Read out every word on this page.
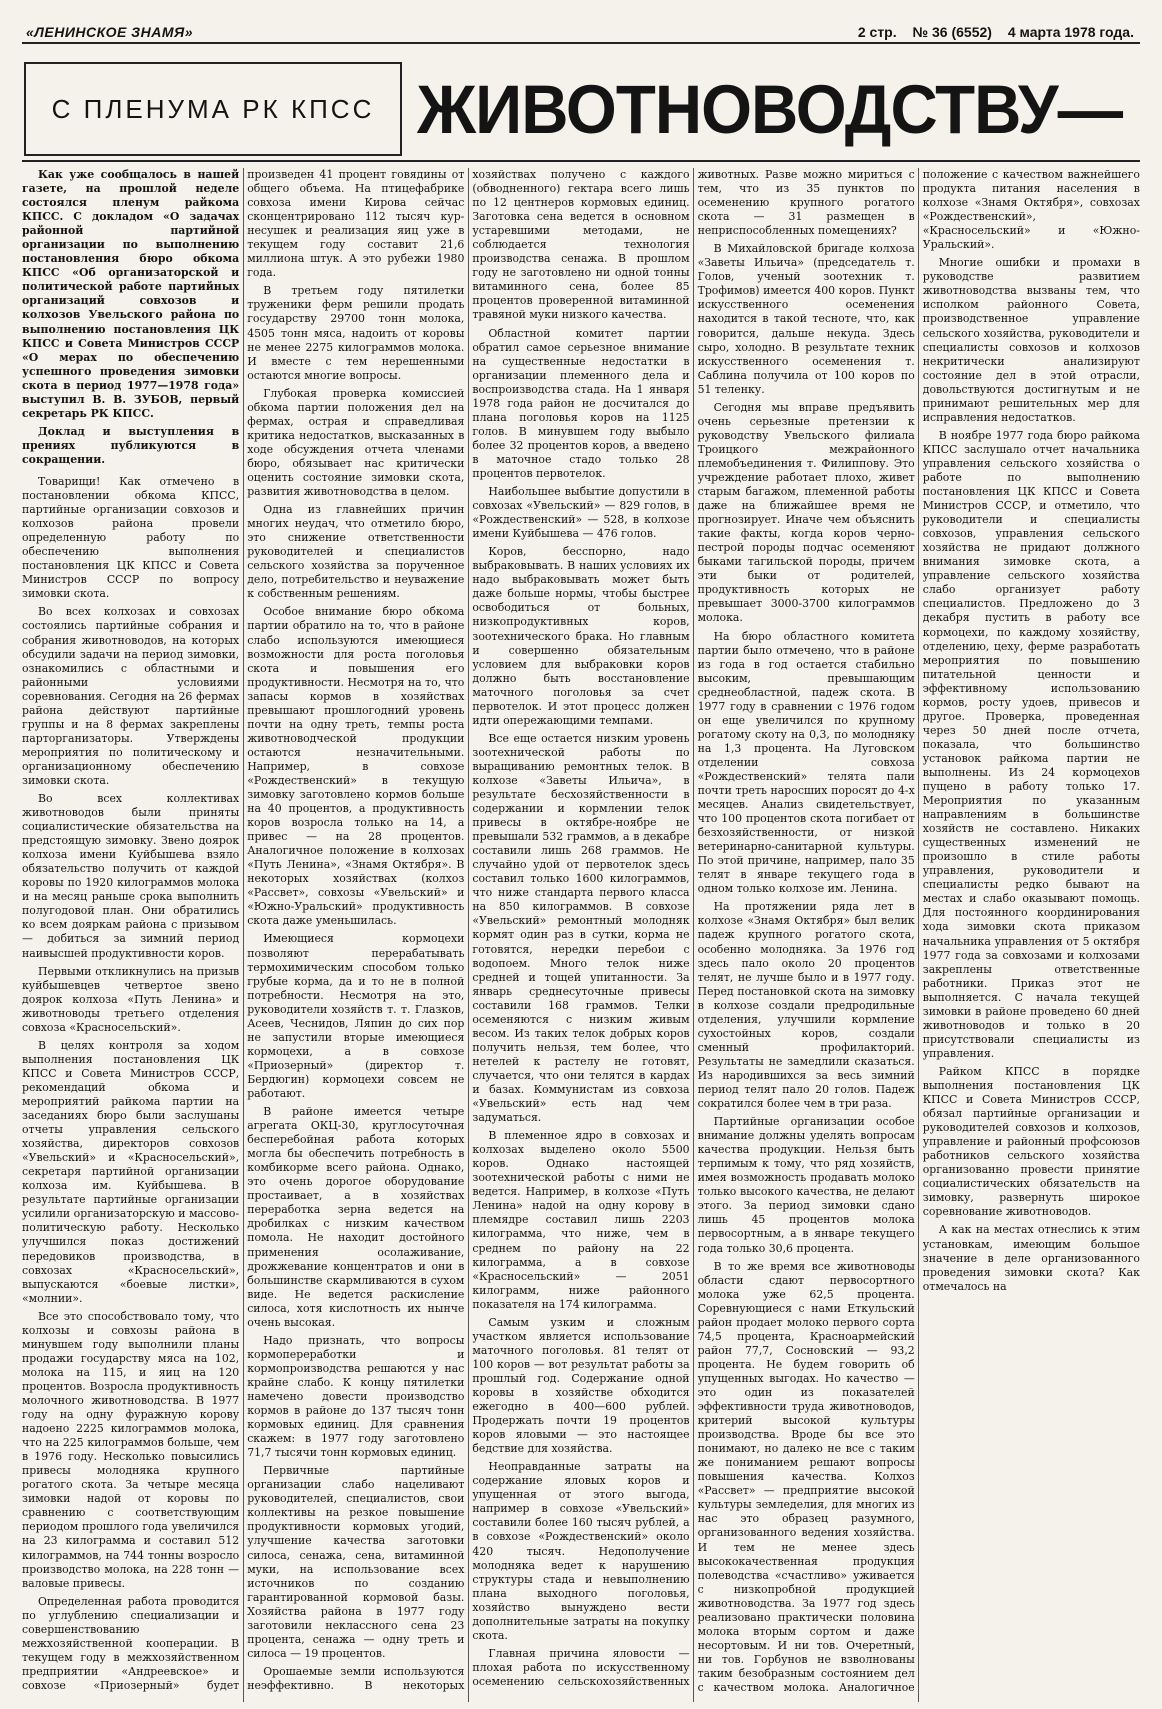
«ЛЕНИНСКОЕ ЗНАМЯ»	2 стр. № 36 (6552) 4 марта 1978 года.
С ПЛЕНУМА РК КПСС ЖИВОТНОВОДСТВУ—

Как уже сообщалось в нашей газете, на прошлой неделе состоялся пленум райкома КПСС. С докладом «О задачах районной партийной организации по выполнению постановления бюро обкома КПСС «Об организаторской и политической работе партийных организаций совхозов и колхозов Увельского района по выполнению постановления ЦК КПСС и Совета Министров СССР «О мерах по обеспечению успешного проведения зимовки скота в период 1977—1978 года» выступил В. В. ЗУБОВ, первый секретарь РК КПСС.

Доклад и выступления в прениях публикуются в сокращении.

Товарищи! Как отмечено в постановлении обкома КПСС, партийные организации совхозов и колхозов района провели определенную работу по обеспечению выполнения постановления ЦК КПСС и Совета Министров СССР по вопросу зимовки скота.

Во всех колхозах и совхозах состоялись партийные собрания и собрания животноводов, на которых обсудили задачи на период зимовки, ознакомились с областными и районными условиями соревнования. Сегодня на 26 фермах района действуют партийные группы и на 8 фермах закреплены парторганизаторы. Утверждены мероприятия по политическому и организационному обеспечению зимовки скота.

Во всех коллективах животноводов были приняты социалистические обязательства на предстоящую зимовку. Звено доярок колхоза имени Куйбышева взяло обязательство получить от каждой коровы по 1920 килограммов молока и на месяц раньше срока выполнить полугодовой план. Они обратились ко всем дояркам района с призывом — добиться за зимний период наивысшей продуктивности коров.

Первыми откликнулись на призыв куйбышевцев четвертое звено доярок колхоза «Путь Ленина» и животноводы третьего отделения совхоза «Красносельский».

В целях контроля за ходом выполнения постановления ЦК КПСС и Совета Министров СССР, рекомендаций обкома и мероприятий райкома партии на заседаниях бюро были заслушаны отчеты управления сельского хозяйства, директоров совхозов «Увельский» и «Красносельский», секретаря партийной организации колхоза им. Куйбышева. В результате партийные организации усилили организаторскую и массово-политическую работу. Несколько улучшился показ достижений передовиков производства, в совхозах «Красносельский», выпускаются «боевые листки», «молнии».

Все это способствовало тому, что колхозы и совхозы района в минувшем году выполнили планы продажи государству мяса на 102, молока на 115, и яиц на 120 процентов. Возросла продуктивность молочного животноводства. В 1977 году на одну фуражную корову надоено 2225 килограммов молока, что на 225 килограммов больше, чем в 1976 году. Несколько повысились привесы молодняка крупного рогатого скота. За четыре месяца зимовки надой от коровы по сравнению с соответствующим периодом прошлого года увеличился на 23 килограмма и составил 512 килограммов, на 744 тонны возросло производство молока, на 228 тонн — валовые привесы.

Определенная работа проводится по углублению специализации и совершенствованию межхозяйственной кооперации. В текущем году в межхозяйственном предприятии «Андреевское» и совхозе «Приозерный» будет произведен 41 процент говядины от общего объема. На птицефабрике совхоза имени Кирова сейчас сконцентрировано 112 тысяч кур-несушек и реализация яиц уже в текущем году составит 21,6 миллиона штук. А это рубежи 1980 года.

В третьем году пятилетки труженики ферм решили продать государству 29700 тонн молока, 4505 тонн мяса, надоить от коровы не менее 2275 килограммов молока. И вместе с тем нерешенными остаются многие вопросы.

Глубокая проверка комиссией обкома партии положения дел на фермах, острая и справедливая критика недостатков, высказанных в ходе обсуждения отчета членами бюро, обязывает нас критически оценить состояние зимовки скота, развития животноводства в целом.

Одна из главнейших причин многих неудач, что отметило бюро, это снижение ответственности руководителей и специалистов сельского хозяйства за порученное дело, потребительство и неуважение к собственным решениям.

Особое внимание бюро обкома партии обратило на то, что в районе слабо используются имеющиеся возможности для роста поголовья скота и повышения его продуктивности. Несмотря на то, что запасы кормов в хозяйствах превышают прошлогодний уровень почти на одну треть, темпы роста животноводческой продукции остаются незначительными. Например, в совхозе «Рождественский» в текущую зимовку заготовлено кормов больше на 40 процентов, а продуктивность коров возросла только на 14, а привес — на 28 процентов. Аналогичное положение в колхозах «Путь Ленина», «Знамя Октября». В некоторых хозяйствах (колхоз «Рассвет», совхозы «Увельский» и «Южно-Уральский» продуктивность скота даже уменьшилась.

Имеющиеся кормоцехи позволяют перерабатывать термохимическим способом только грубые корма, да и то не в полной потребности. Несмотря на это, руководители хозяйств т. т. Глазков, Асеев, Чеснидов, Ляпин до сих пор не запустили вторые имеющиеся кормоцехи, а в совхозе «Приозерный» (директор т. Бердюгин) кормоцехи совсем не работают.

В районе имеется четыре агрегата ОКЦ-30, круглосуточная бесперебойная работа которых могла бы обеспечить потребность в комбикорме всего района. Однако, это очень дорогое оборудование простаивает, а в хозяйствах переработка зерна ведется на дробилках с низким качеством помола. Не находит достойного применения осолаживание, дрожжевание концентратов и они в большинстве скармливаются в сухом виде. Не ведется раскисление силоса, хотя кислотность их нынче очень высокая.

Надо признать, что вопросы кормопереработки и кормопроизводства решаются у нас крайне слабо. К концу пятилетки намечено довести производство кормов в районе до 137 тысяч тонн кормовых единиц. Для сравнения скажем: в 1977 году заготовлено 71,7 тысячи тонн кормовых единиц.

Первичные партийные организации слабо нацеливают руководителей, специалистов, свои коллективы на резкое повышение продуктивности кормовых угодий, улучшение качества заготовки силоса, сенажа, сена, витаминной муки, на использование всех источников по созданию гарантированной кормовой базы. Хозяйства района в 1977 году заготовили неклассного сена 23 процента, сенажа — одну треть и силоса — 19 процентов.

Орошаемые земли используются неэффективно. В некоторых хозяйствах получено с каждого (обводненного) гектара всего лишь по 12 центнеров кормовых единиц. Заготовка сена ведется в основном устаревшими методами, не соблюдается технология производства сенажа. В прошлом году не заготовлено ни одной тонны витаминного сена, более 85 процентов проверенной витаминной травяной муки низкого качества.

Областной комитет партии обратил самое серьезное внимание на существенные недостатки в организации племенного дела и воспроизводства стада. На 1 января 1978 года район не досчитался до плана поголовья коров на 1125 голов. В минувшем году выбыло более 32 процентов коров, а введено в маточное стадо только 28 процентов первотелок.

Наибольшее выбытие допустили в совхозах «Увельский» — 829 голов, в «Рождественский» — 528, в колхозе имени Куйбышева — 476 голов.

Коров, бесспорно, надо выбраковывать. В наших условиях их надо выбраковывать может быть даже больше нормы, чтобы быстрее освободиться от больных, низкопродуктивных коров, зоотехнического брака. Но главным и совершенно обязательным условием для выбраковки коров должно быть восстановление маточного поголовья за счет первотелок. И этот процесс должен идти опережающими темпами.

Все еще остается низким уровень зоотехнической работы по выращиванию ремонтных телок. В колхозе «Заветы Ильича», в результате бесхозяйственности в содержании и кормлении телок привесы в октябре-ноябре не превышали 532 граммов, а в декабре составили лишь 268 граммов. Не случайно удой от первотелок здесь составил только 1600 килограммов, что ниже стандарта первого класса на 850 килограммов. В совхозе «Увельский» ремонтный молодняк кормят один раз в сутки, корма не готовятся, нередки перебои с водопоем. Много телок ниже средней и тощей упитанности. За январь среднесуточные привесы составили 168 граммов. Телки осеменяются с низким живым весом. Из таких телок добрых коров получить нельзя, тем более, что нетелей к растелу не готовят, случается, что они телятся в кардах и базах. Коммунистам из совхоза «Увельский» есть над чем задуматься.

В племенное ядро в совхозах и колхозах выделено около 5500 коров. Однако настоящей зоотехнической работы с ними не ведется. Например, в колхозе «Путь Ленина» надой на одну корову в племядре составил лишь 2203 килограмма, что ниже, чем в среднем по району на 22 килограмма, а в совхозе «Красносельский» — 2051 килограмм, ниже районного показателя на 174 килограмма.

Самым узким и сложным участком является использование маточного поголовья. 81 телят от 100 коров — вот результат работы за прошлый год. Содержание одной коровы в хозяйстве обходится ежегодно в 400—600 рублей. Продержать почти 19 процентов коров яловыми — это настоящее бедствие для хозяйства.

Неоправданные затраты на содержание яловых коров и упущенная от этого выгода, например в совхозе «Увельский» составили более 160 тысяч рублей, а в совхозе «Рождественский» около 420 тысяч. Недополучение молодняка ведет к нарушению структуры стада и невыполнению плана выходного поголовья, хозяйство вынуждено вести дополнительные затраты на покупку скота.

Главная причина яловости — плохая работа по искусственному осеменению сельскохозяйственных животных. Разве можно мириться с тем, что из 35 пунктов по осеменению крупного рогатого скота — 31 размещен в неприспособленных помещениях?

В Михайловской бригаде колхоза «Заветы Ильича» (председатель т. Голов, ученый зоотехник т. Трофимов) имеется 400 коров. Пункт искусственного осеменения находится в такой тесноте, что, как говорится, дальше некуда. Здесь сыро, холодно. В результате техник искусственного осеменения т. Саблина получила от 100 коров по 51 теленку.

Сегодня мы вправе предъявить очень серьезные претензии к руководству Увельского филиала Троицкого межрайонного племобъединения т. Филиппову. Это учреждение работает плохо, живет старым багажом, племенной работы даже на ближайшее время не прогнозирует. Иначе чем объяснить такие факты, когда коров черно-пестрой породы подчас осеменяют быками тагильской породы, причем эти быки от родителей, продуктивность которых не превышает 3000-3700 килограммов молока.

На бюро областного комитета партии было отмечено, что в районе из года в год остается стабильно высоким, превышающим среднеобластной, падеж скота. В 1977 году в сравнении с 1976 годом он еще увеличился по крупному рогатому скоту на 0,3, по молодняку на 1,3 процента. На Луговском отделении совхоза «Рождественский» телята пали почти треть наросших поросят до 4-х месяцев. Анализ свидетельствует, что 100 процентов скота погибает от безхозяйственности, от низкой ветеринарно-санитарной культуры. По этой причине, например, пало 35 телят в январе текущего года в одном только колхозе им. Ленина.

На протяжении ряда лет в колхозе «Знамя Октября» был велик падеж крупного рогатого скота, особенно молодняка. За 1976 год здесь пало около 20 процентов телят, не лучше было и в 1977 году. Перед постановкой скота на зимовку в колхозе создали предродильные отделения, улучшили кормление сухостойных коров, создали сменный профилакторий. Результаты не замедлили сказаться. Из народившихся за весь зимний период телят пало 20 голов. Падеж сократился более чем в три раза.

Партийные организации особое внимание должны уделять вопросам качества продукции. Нельзя быть терпимым к тому, что ряд хозяйств, имея возможность продавать молоко только высокого качества, не делают этого. За период зимовки сдано лишь 45 процентов молока первосортным, а в январе текущего года только 30,6 процента.

В то же время все животноводы области сдают первосортного молока уже 62,5 процента. Соревнующиеся с нами Еткульский район продает молоко первого сорта 74,5 процента, Красноармейский район 77,7, Сосновский — 93,2 процента. Не будем говорить об упущенных выгодах. Но качество — это один из показателей эффективности труда животноводов, критерий высокой культуры производства. Вроде бы все это понимают, но далеко не все с таким же пониманием решают вопросы повышения качества. Колхоз «Рассвет» — предприятие высокой культуры земледелия, для многих из нас это образец разумного, организованного ведения хозяйства. И тем не менее здесь высококачественная продукция полеводства «счастливо» уживается с низкопробной продукцией животноводства. За 1977 год здесь реализовано практически половина молока вторым сортом и даже несортовым. И ни тов. Очеретный, ни тов. Горбунов не взволнованы таким безобразным состоянием дел с качеством молока. Аналогичное положение с качеством важнейшего продукта питания населения в колхозе «Знамя Октября», совхозах «Рождественский», «Красносельский» и «Южно-Уральский».

Многие ошибки и промахи в руководстве развитием животноводства вызваны тем, что исполком районного Совета, производственное управление сельского хозяйства, руководители и специалисты совхозов и колхозов некритически анализируют состояние дел в этой отрасли, довольствуются достигнутым и не принимают решительных мер для исправления недостатков.

В ноябре 1977 года бюро райкома КПСС заслушало отчет начальника управления сельского хозяйства о работе по выполнению постановления ЦК КПСС и Совета Министров СССР, и отметило, что руководители и специалисты совхозов, управления сельского хозяйства не придают должного внимания зимовке скота, а управление сельского хозяйства слабо организует работу специалистов. Предложено до 3 декабря пустить в работу все кормоцехи, по каждому хозяйству, отделению, цеху, ферме разработать мероприятия по повышению питательной ценности и эффективному использованию кормов, росту удоев, привесов и другое. Проверка, проведенная через 50 дней после отчета, показала, что большинство установок райкома партии не выполнены. Из 24 кормоцехов пущено в работу только 17. Мероприятия по указанным направлениям в большинстве хозяйств не составлено. Никаких существенных изменений не произошло в стиле работы управления, руководители и специалисты редко бывают на местах и слабо оказывают помощь. Для постоянного координирования хода зимовки скота приказом начальника управления от 5 октября 1977 года за совхозами и колхозами закреплены ответственные работники. Приказ этот не выполняется. С начала текущей зимовки в районе проведено 60 дней животноводов и только в 20 присутствовали специалисты из управления.

Райком КПСС в порядке выполнения постановления ЦК КПСС и Совета Министров СССР, обязал партийные организации и руководителей совхозов и колхозов, управление и районный профсоюзов работников сельского хозяйства организованно провести принятие социалистических обязательств на зимовку, развернуть широкое соревнование животноводов.

А как на местах отнеслись к этим установкам, имеющим большое значение в деле организованного проведения зимовки скота? Как отмечалось на
